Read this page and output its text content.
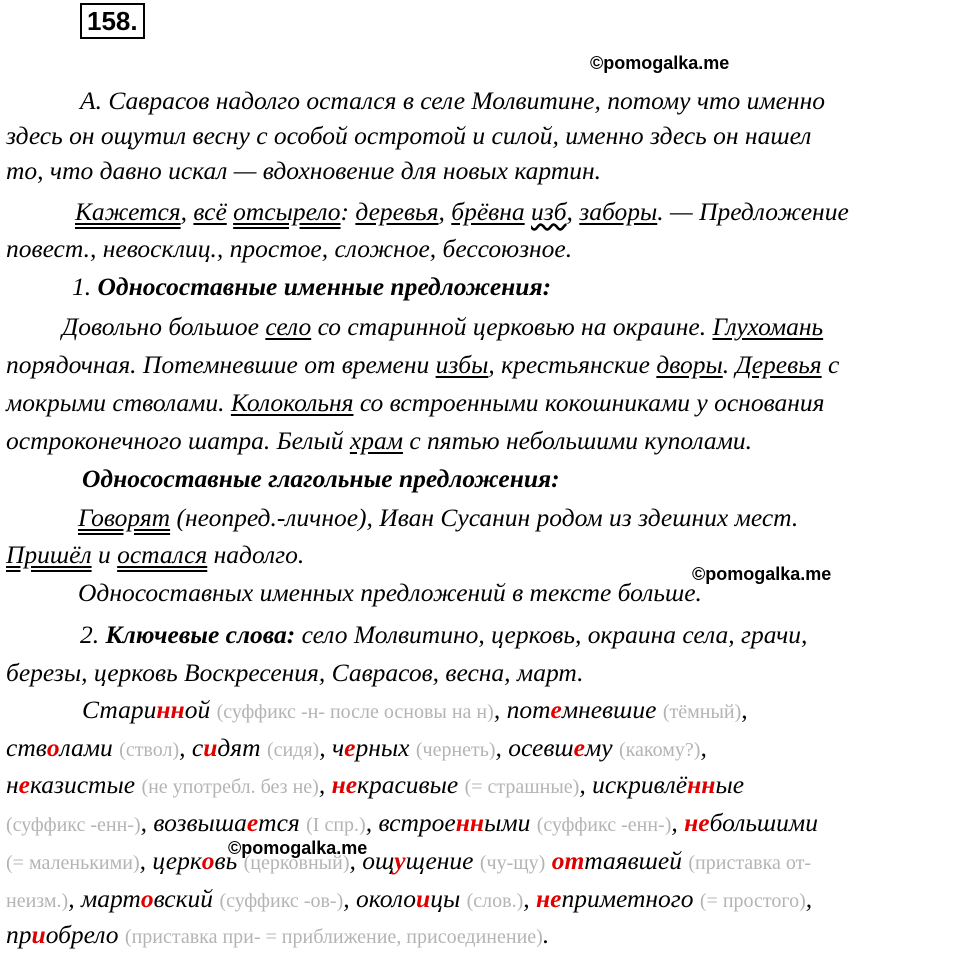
158.
©pomogalka.me
©pomogalka.me
©pomogalka.me
А. Саврасов надолго остался в селе Молвитине, потому что именно
здесь он ощутил весну с особой остротой и силой, именно здесь он нашел
то, что давно искал — вдохновение для новых картин.
Кажется, всё отсырело: деревья, брёвна изб, заборы. — Предложение
повест., невосклиц., простое, сложное, бессоюзное.
1. Односоставные именные предложения:
Довольно большое село со старинной церковью на окраине. Глухомань
порядочная. Потемневшие от времени избы, крестьянские дворы. Деревья с
мокрыми стволами. Колокольня со встроенными кокошниками у основания
остроконечного шатра. Белый храм с пятью небольшими куполами.
Односоставные глагольные предложения:
Говорят (неопред.-личное), Иван Сусанин родом из здешних мест.
Пришёл и остался надолго.
Односоставных именных предложений в тексте больше.
2. Ключевые слова: село Молвитино, церковь, окраина села, грачи,
березы, церковь Воскресения, Саврасов, весна, март.
Старинной (суффикс -н- после основы на н), потемневшие (тёмный),
стволами (ствол), сидят (сидя), черных (чернеть), осевшему (какому?),
неказистые (не употребл. без не), некрасивые (= страшные), искривлённые
(суффикс -енн-), возвышается (I спр.), встроенными (суффикс -енн-), небольшими
(= маленькими), церковь (церковный), ощущение (чу-щу) оттаявшей (приставка от-
неизм.), мартовский (суффикс -ов-), околоицы (слов.), неприметного (= простого),
приобрело (приставка при- = приближение, присоединение).
